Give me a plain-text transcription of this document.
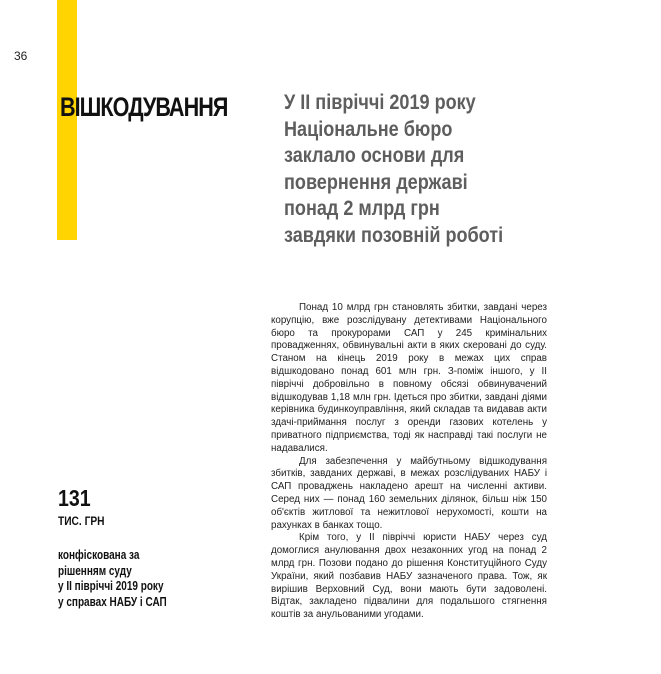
36
ВІШКОДУВАННЯ	У ІІ півріччі 2019 року
Національне бюро
заклало основи для
повернення державі
понад 2 млрд грн
завдяки позовній роботі

Понад 10 млрд грн становлять збитки, завдані через корупцію, вже розслідувану детективами Національного бюро та прокурорами САП у 245 кримінальних провадженнях, обвинувальні акти в яких скеровані до суду. Станом на кінець 2019 року в межах цих справ відшкодовано понад 601 млн грн. З-поміж іншого, у ІІ півріччі добровільно в повному обсязі обвинувачений відшкодував 1,18 млн грн. Ідеться про збитки, завдані діями керівника будинкоуправління, який складав та видавав акти здачі-приймання послуг з оренди газових котелень у приватного підприємства, тоді як насправді такі послуги не надавалися.

Для забезпечення у майбутньому відшкодування збитків, завданих державі, в межах розслідуваних НАБУ і САП проваджень накладено арешт на численні активи. Серед них — понад 160 земельних ділянок, більш ніж 150 об'єктів житлової та нежитлової нерухомості, кошти на рахунках в банках тощо.

Крім того, у ІІ півріччі юристи НАБУ через суд домоглися анулювання двох незаконних угод на понад 2 млрд грн. Позови подано до рішення Конституційного Суду України, який позбавив НАБУ зазначеного права. Тож, як вирішив Верховний Суд, вони мають бути задоволені. Відтак, закладено підвалини для подальшого стягнення коштів за анульованими угодами.

131
ТИС. ГРН
конфіскована за
рішенням суду
у ІІ півріччі 2019 року
у справах НАБУ і САП
